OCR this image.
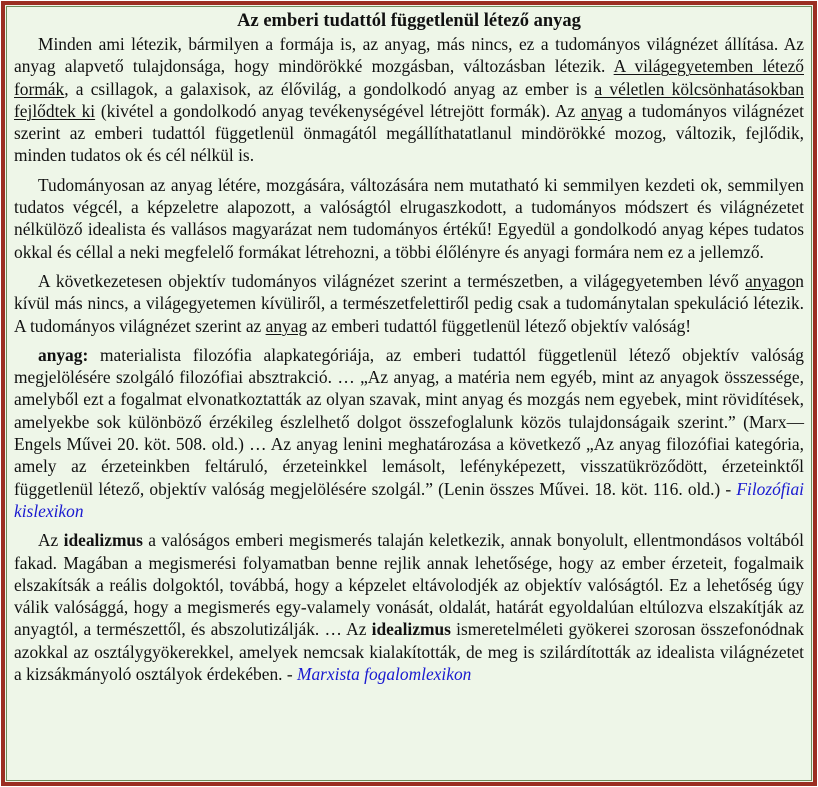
Az emberi tudattól függetlenül létező anyag

Minden ami létezik, bármilyen a formája is, az anyag, más nincs, ez a tudományos világnézet állítása. Az anyag alapvető tulajdonsága, hogy mindörökké mozgásban, változásban létezik. A világegyetemben létező formák, a csillagok, a galaxisok, az élővilág, a gondolkodó anyag az ember is a véletlen kölcsönhatásokban fejlődtek ki (kivétel a gondolkodó anyag tevékenységével létrejött formák). Az anyag a tudományos világnézet szerint az emberi tudattól függetlenül önmagától megállíthatatlanul mindörökké mozog, változik, fejlődik, minden tudatos ok és cél nélkül is.

Tudományosan az anyag létére, mozgására, változására nem mutatható ki semmilyen kezdeti ok, semmilyen tudatos végcél, a képzeletre alapozott, a valóságtól elrugaszkodott, a tudományos módszert és világnézetet nélkülöző idealista és vallásos magyarázat nem tudományos értékű! Egyedül a gondolkodó anyag képes tudatos okkal és céllal a neki megfelelő formákat létrehozni, a többi élőlényre és anyagi formára nem ez a jellemző.

A következetesen objektív tudományos világnézet szerint a természetben, a világegyetemben lévő anyagon kívül más nincs, a világegyetemen kívüliről, a természetfelettiről pedig csak a tudománytalan spekuláció létezik. A tudományos világnézet szerint az anyag az emberi tudattól függetlenül létező objektív valóság!

anyag: materialista filozófia alapkategóriája, az emberi tudattól függetlenül létező objektív valóság megjelölésére szolgáló filozófiai absztrakció. … „Az anyag, a matéria nem egyéb, mint az anyagok összessége, amelyből ezt a fogalmat elvonatkoztatták az olyan szavak, mint anyag és mozgás nem egyebek, mint rövidítések, amelyekbe sok különböző érzékileg észlelhető dolgot összefoglalunk közös tulajdonságaik szerint.” (Marx—Engels Művei 20. köt. 508. old.) … Az anyag lenini meghatározása a következő „Az anyag filozófiai kategória, amely az érzeteinkben feltáruló, érzeteinkkel lemásolt, lefényképezett, visszatükröződött, érzeteinktől függetlenül létező, objektív valóság megjelölésére szolgál.” (Lenin összes Művei. 18. köt. 116. old.) - Filozófiai kislexikon

Az idealizmus a valóságos emberi megismerés talaján keletkezik, annak bonyolult, ellentmondásos voltából fakad. Magában a megismerési folyamatban benne rejlik annak lehetősége, hogy az ember érzeteit, fogalmaik elszakítsák a reális dolgoktól, továbbá, hogy a képzelet eltávolodjék az objektív valóságtól. Ez a lehetőség úgy válik valósággá, hogy a megismerés egy-valamely vonását, oldalát, határát egyoldalúan eltúlozva elszakítják az anyagtól, a természettől, és abszolutizálják. … Az idealizmus ismeretelméleti gyökerei szorosan összefonódnak azokkal az osztálygyökerekkel, amelyek nemcsak kialakították, de meg is szilárdították az idealista világnézetet a kizsákmányoló osztályok érdekében. - Marxista fogalomlexikon
